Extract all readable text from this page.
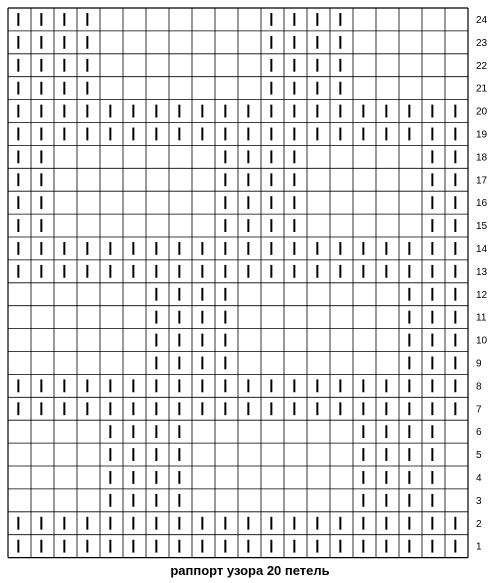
24
23
22
21
20
19
18
17
16
15
14
13
12
11
10
9
8
7
6
5
4
3
2
1
раппорт узора 20 петель
